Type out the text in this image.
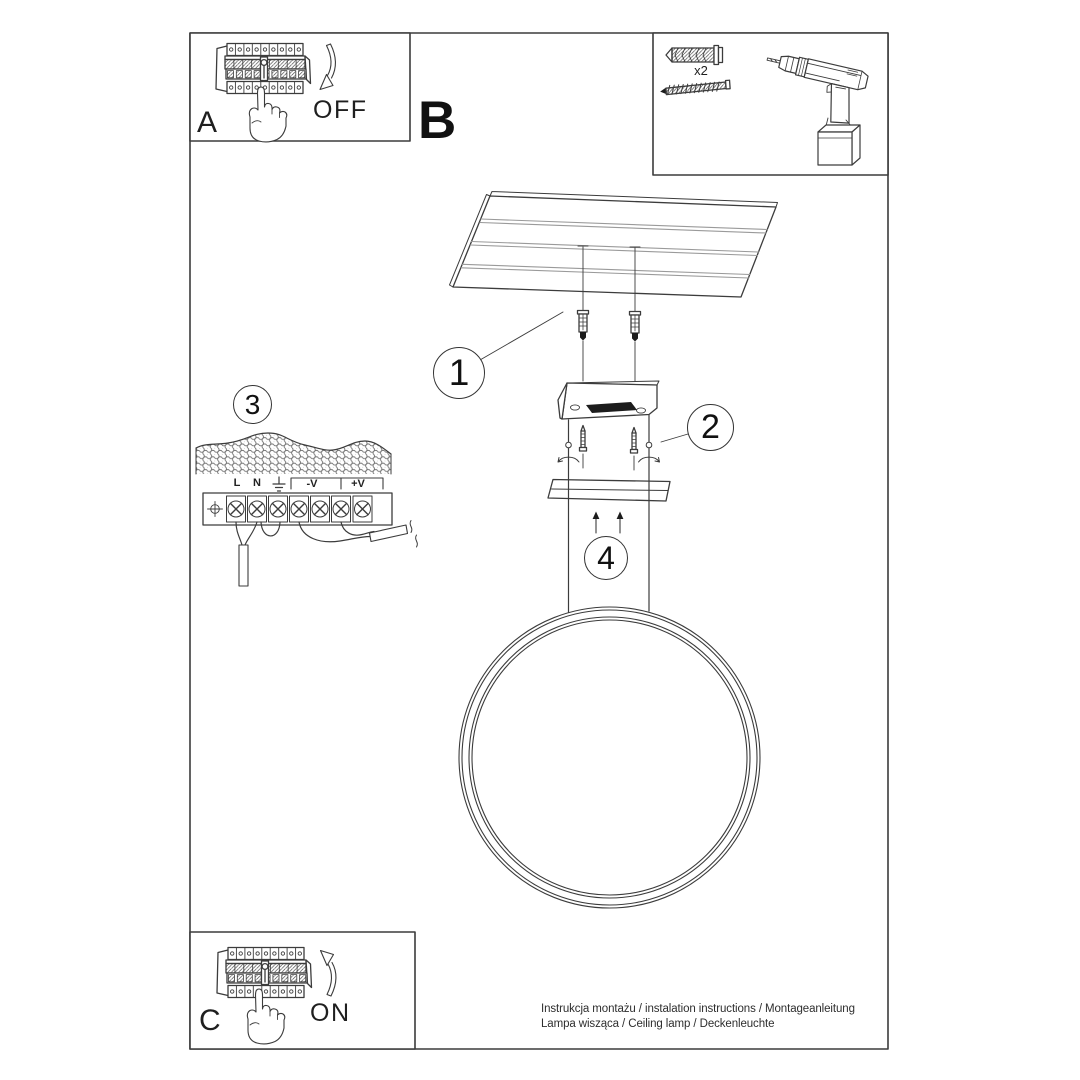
A	OFF B
x2
C	ON
1
2
3
4
L N	-V	+V
Instrukcja montażu / instalation instructions / Montageanleitung
Lampa wisząca / Ceiling lamp / Deckenleuchte
